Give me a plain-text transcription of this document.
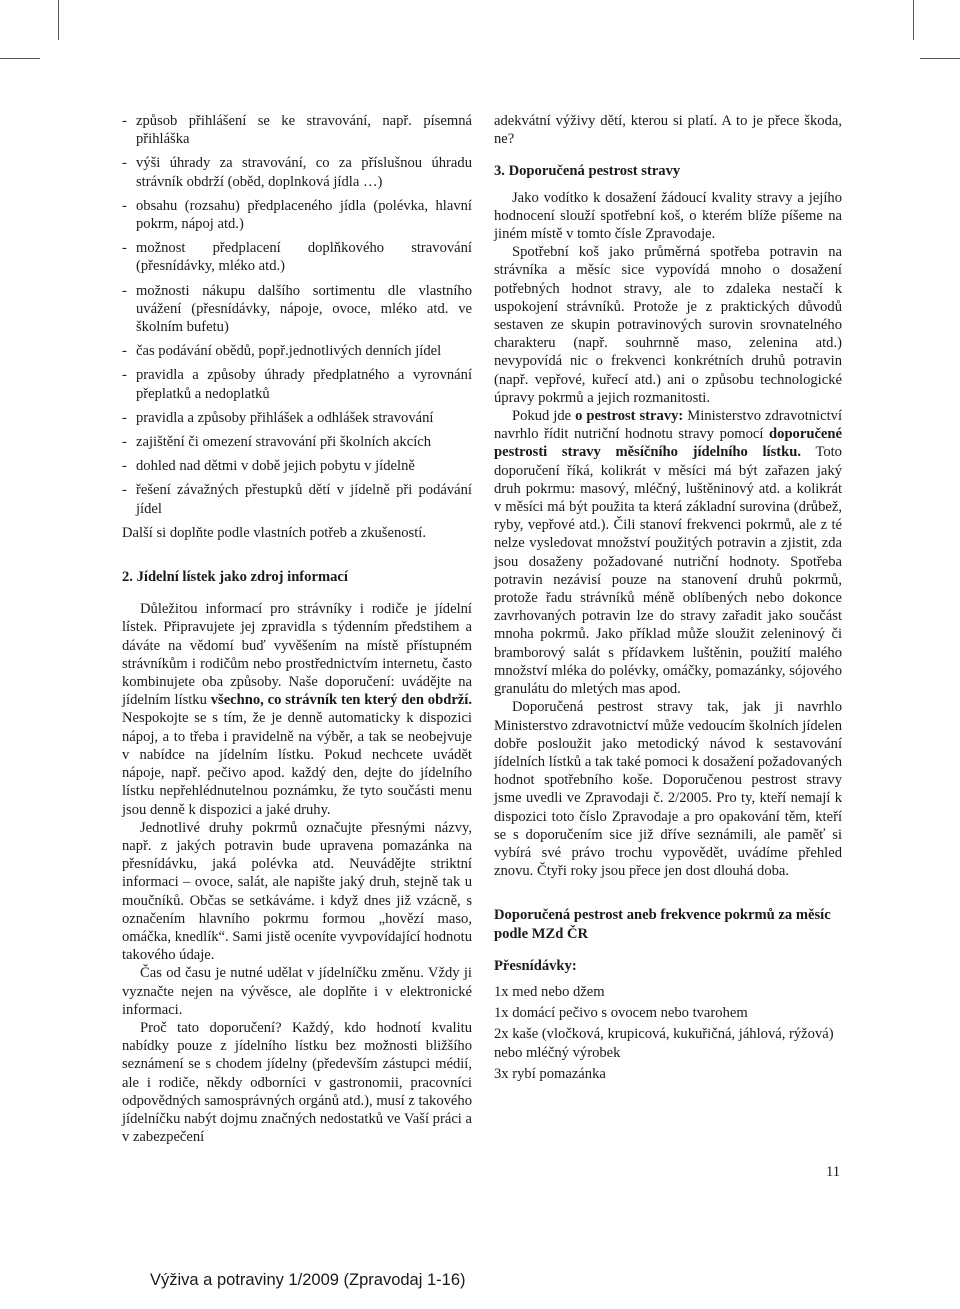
- způsob přihlášení se ke stravování, např. písemná přihláška
- výši úhrady za stravování, co za příslušnou úhradu strávník obdrží (oběd, doplnková jídla …)
- obsahu (rozsahu) předplaceného jídla (polévka, hlavní pokrm, nápoj atd.)
- možnost předplacení doplňkového stravování (přesnídávky, mléko atd.)
- možnosti nákupu dalšího sortimentu dle vlastního uvážení (přesnídávky, nápoje, ovoce, mléko atd. ve školním bufetu)
- čas podávání obědů, popř.jednotlivých denních jídel
- pravidla a způsoby úhrady předplatného a vyrovnání přeplatků a nedoplatků
- pravidla a způsoby přihlášek a odhlášek stravování
- zajištění či omezení stravování při školních akcích
- dohled nad dětmi v době jejich pobytu v jídelně
- řešení závažných přestupků dětí v jídelně při podávání jídel

Další si doplňte podle vlastních potřeb a zkušeností.

2. Jídelní lístek jako zdroj informací

Důležitou informací pro strávníky i rodiče je jídelní lístek. Připravujete jej zpravidla s týdenním předstihem a dáváte na vědomí buď vyvěšením na místě přístupném strávníkům i rodičům nebo prostřednictvím internetu, často kombinujete oba způsoby. Naše doporučení: uvádějte na jídelním lístku všechno, co strávník ten který den obdrží. Nespokojte se s tím, že je denně automaticky k dispozici nápoj, a to třeba i pravidelně na výběr, a tak se neobejvuje v nabídce na jídelním lístku. Pokud nechcete uvádět nápoje, např. pečivo apod. každý den, dejte do jídelního lístku nepřehlédnutelnou poznámku, že tyto součásti menu jsou denně k dispozici a jaké druhy.

Jednotlivé druhy pokrmů označujte přesnými názvy, např. z jakých potravin bude upravena pomazánka na přesnídávku, jaká polévka atd. Neuvádějte striktní informaci – ovoce, salát, ale napište jaký druh, stejně tak u moučníků. Občas se setkáváme. i když dnes již vzácně, s označením hlavního pokrmu formou „hovězí maso, omáčka, knedlík“. Sami jistě oceníte vyvpovídající hodnotu takového údaje.

Čas od času je nutné udělat v jídelníčku změnu. Vždy ji vyznačte nejen na vývěsce, ale doplňte i v elektronické informaci.

Proč tato doporučení? Každý, kdo hodnotí kvalitu nabídky pouze z jídelního lístku bez možnosti bližšího seznámení se s chodem jídelny (především zástupci médií, ale i rodiče, někdy odborníci v gastronomii, pracovníci odpovědných samosprávných orgánů atd.), musí z takového jídelníčku nabýt dojmu značných nedostatků ve Vaší práci a v zabezpečení

adekvátní výživy dětí, kterou si platí. A to je přece škoda, ne?

3. Doporučená pestrost stravy

Jako vodítko k dosažení žádoucí kvality stravy a jejího hodnocení slouží spotřební koš, o kterém blíže píšeme na jiném místě v tomto čísle Zpravodaje.

Spotřební koš jako průměrná spotřeba potravin na strávníka a měsíc sice vypovídá mnoho o dosažení potřebných hodnot stravy, ale to zdaleka nestačí k uspokojení strávníků. Protože je z praktických důvodů sestaven ze skupin potravinových surovin srovnatelného charakteru (např. souhrnně maso, zelenina atd.) nevypovídá nic o frekvenci konkrétních druhů potravin (např. vepřové, kuřecí atd.) ani o způsobu technologické úpravy pokrmů a jejich rozmanitosti.

Pokud jde o pestrost stravy: Ministerstvo zdravotnictví navrhlo řídit nutriční hodnotu stravy pomocí doporučené pestrosti stravy měsíčního jídelního lístku. Toto doporučení říká, kolikrát v měsíci má být zařazen jaký druh pokrmu: masový, mléčný, luštěninový atd. a kolikrát v měsíci má být použita ta která základní surovina (drůbež, ryby, vepřové atd.). Čili stanoví frekvenci pokrmů, ale z té nelze vysledovat množství použitých potravin a zjistit, zda jsou dosaženy požadované nutriční hodnoty. Spotřeba potravin nezávisí pouze na stanovení druhů pokrmů, protože řadu strávníků méně oblíbených nebo dokonce zavrhovaných potravin lze do stravy zařadit jako součást mnoha pokrmů. Jako příklad může sloužit zeleninový či bramborový salát s přídavkem luštěnin, použití malého množství mléka do polévky, omáčky, pomazánky, sójového granulátu do mletých mas apod.

Doporučená pestrost stravy tak, jak ji navrhlo Ministerstvo zdravotnictví může vedoucím školních jídelen dobře posloužit jako metodický návod k sestavování jídelních lístků a tak také pomoci k dosažení požadovaných hodnot spotřebního koše. Doporučenou pestrost stravy jsme uvedli ve Zpravodaji č. 2/2005. Pro ty, kteří nemají k dispozici toto číslo Zpravodaje a pro opakování těm, kteří se s doporučením sice již dříve seznámili, ale paměť si vybírá své právo trochu vypovědět, uvádíme přehled znovu. Čtyři roky jsou přece jen dost dlouhá doba.

Doporučená pestrost aneb frekvence pokrmů za měsíc podle MZd ČR
Přesnídávky:

1x med nebo džem

1x domácí pečivo s ovocem nebo tvarohem

2x kaše (vločková, krupicová, kukuřičná, jáhlová, rýžová) nebo mléčný výrobek

3x rybí pomazánka

11
Výživa a potraviny 1/2009 (Zpravodaj 1-16)
